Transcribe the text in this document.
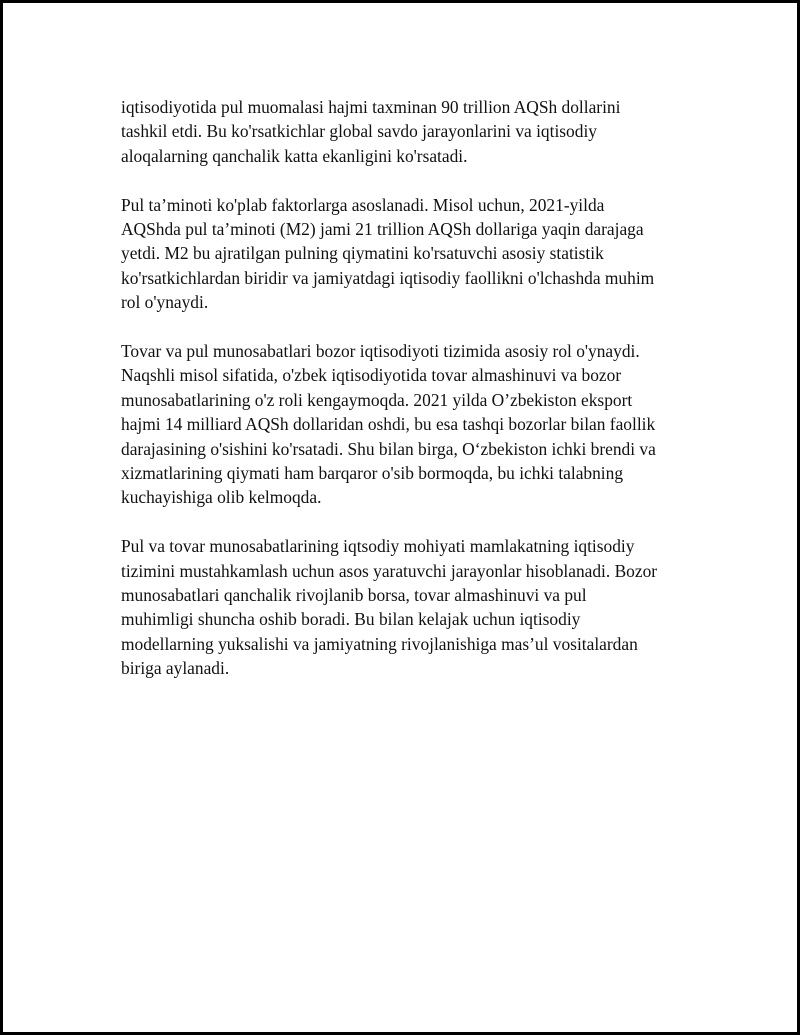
iqtisodiyotida pul muomalasi hajmi taxminan 90 trillion AQSh dollarini
tashkil etdi. Bu ko'rsatkichlar global savdo jarayonlarini va iqtisodiy
aloqalarning qanchalik katta ekanligini ko'rsatadi.

Pul ta’minoti ko'plab faktorlarga asoslanadi. Misol uchun, 2021-yilda
AQShda pul ta’minoti (M2) jami 21 trillion AQSh dollariga yaqin darajaga
yetdi. M2 bu ajratilgan pulning qiymatini ko'rsatuvchi asosiy statistik
ko'rsatkichlardan biridir va jamiyatdagi iqtisodiy faollikni o'lchashda muhim
rol o'ynaydi.

Tovar va pul munosabatlari bozor iqtisodiyoti tizimida asosiy rol o'ynaydi.
Naqshli misol sifatida, o'zbek iqtisodiyotida tovar almashinuvi va bozor
munosabatlarining o'z roli kengaymoqda. 2021 yilda O’zbekiston eksport
hajmi 14 milliard AQSh dollaridan oshdi, bu esa tashqi bozorlar bilan faollik
darajasining o'sishini ko'rsatadi. Shu bilan birga, O‘zbekiston ichki brendi va
xizmatlarining qiymati ham barqaror o'sib bormoqda, bu ichki talabning
kuchayishiga olib kelmoqda.

Pul va tovar munosabatlarining iqtsodiy mohiyati mamlakatning iqtisodiy
tizimini mustahkamlash uchun asos yaratuvchi jarayonlar hisoblanadi. Bozor
munosabatlari qanchalik rivojlanib borsa, tovar almashinuvi va pul
muhimligi shuncha oshib boradi. Bu bilan kelajak uchun iqtisodiy
modellarning yuksalishi va jamiyatning rivojlanishiga mas’ul vositalardan
biriga aylanadi.
